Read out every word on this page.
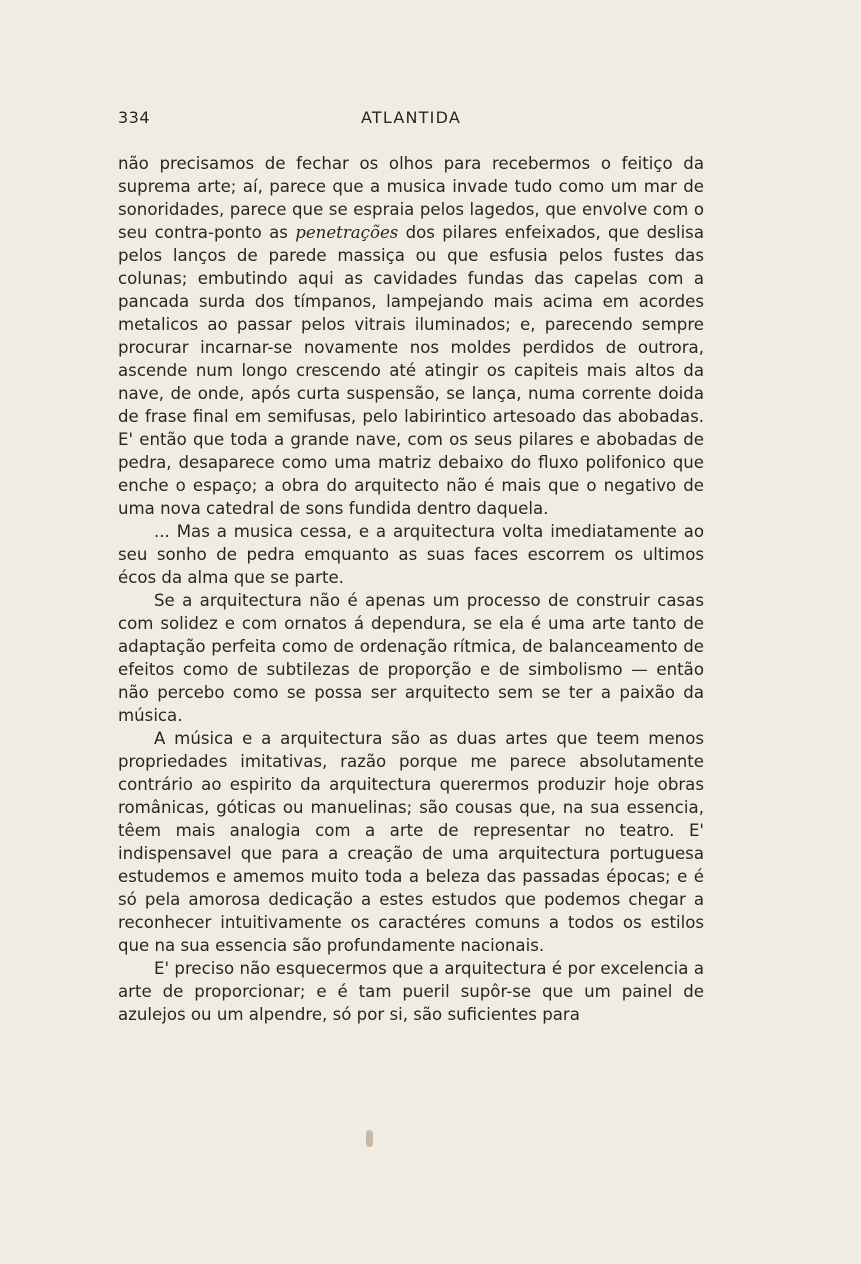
334	ATLANTIDA

não precisamos de fechar os olhos para recebermos o feitiço da suprema arte; aí, parece que a musica invade tudo como um mar de sonoridades, parece que se espraia pelos lagedos, que envolve com o seu contra-ponto as penetrações dos pilares enfeixados, que deslisa pelos lanços de parede massiça ou que esfusia pelos fustes das colunas; embutindo aqui as cavidades fundas das capelas com a pancada surda dos tímpanos, lampejando mais acima em acordes metalicos ao passar pelos vitrais iluminados; e, parecendo sempre procurar incarnar-se novamente nos moldes perdidos de outrora, ascende num longo crescendo até atingir os capiteis mais altos da nave, de onde, após curta suspensão, se lança, numa corrente doida de frase final em semifusas, pelo labirintico artesoado das abobadas. E' então que toda a grande nave, com os seus pilares e abobadas de pedra, desaparece como uma matriz debaixo do fluxo polifonico que enche o espaço; a obra do arquitecto não é mais que o negativo de uma nova catedral de sons fundida dentro daquela.

... Mas a musica cessa, e a arquitectura volta imediatamente ao seu sonho de pedra emquanto as suas faces escorrem os ultimos écos da alma que se parte.

Se a arquitectura não é apenas um processo de construir casas com solidez e com ornatos á dependura, se ela é uma arte tanto de adaptação perfeita como de ordenação rítmica, de balanceamento de efeitos como de subtilezas de proporção e de simbolismo — então não percebo como se possa ser arquitecto sem se ter a paixão da música.

A música e a arquitectura são as duas artes que teem menos propriedades imitativas, razão porque me parece absolutamente contrário ao espirito da arquitectura querermos produzir hoje obras românicas, góticas ou manuelinas; são cousas que, na sua essencia, têem mais analogia com a arte de representar no teatro. E' indispensavel que para a creação de uma arquitectura portuguesa estudemos e amemos muito toda a beleza das passadas épocas; e é só pela amorosa dedicação a estes estudos que podemos chegar a reconhecer intuitivamente os caractéres comuns a todos os estilos que na sua essencia são profundamente nacionais.

E' preciso não esquecermos que a arquitectura é por excelencia a arte de proporcionar; e é tam pueril supôr-se que um painel de azulejos ou um alpendre, só por si, são suficientes para
